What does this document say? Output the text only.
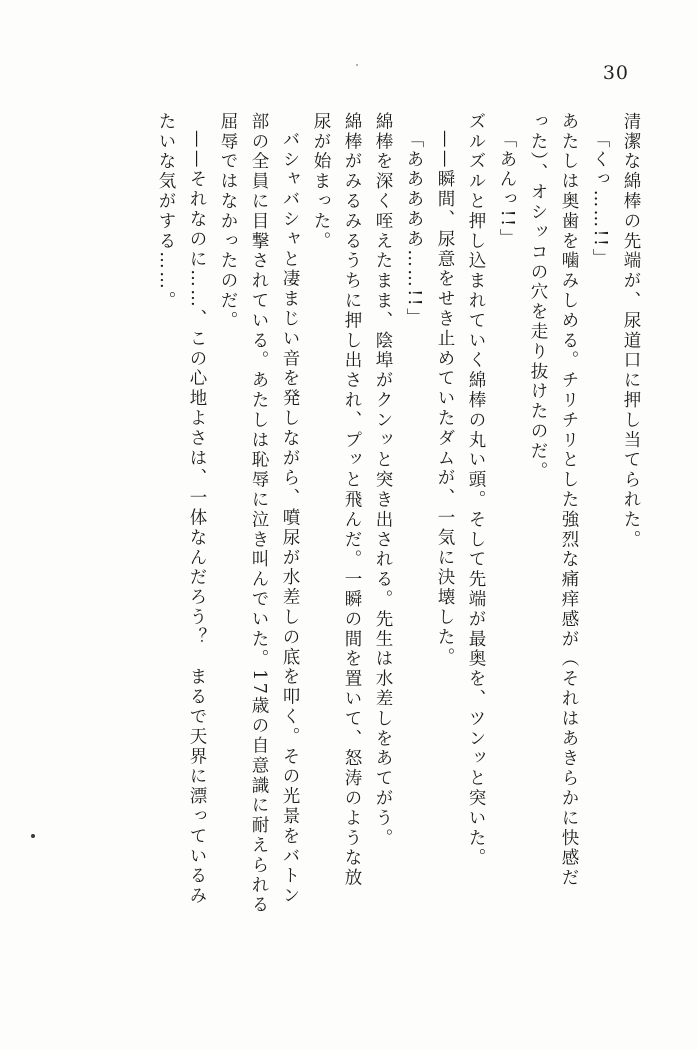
30
清潔な綿棒の先端が、尿道口に押し当てられた。
「くっ……!!」
あたしは奥歯を噛みしめる。チリチリとした強烈な痛痒感が（それはあきらかに快感だ
った）、オシッコの穴を走り抜けたのだ。
「あんっ!!」
ズルズルと押し込まれていく綿棒の丸い頭。そして先端が最奥を、ツンッと突いた。
——瞬間、尿意をせき止めていたダムが、一気に決壊した。
「あああああ……!!」
綿棒を深く咥えたまま、陰埠がクンッと突き出される。先生は水差しをあてがう。
綿棒がみるみるうちに押し出され、プッと飛んだ。一瞬の間を置いて、怒涛のような放
尿が始まった。
バシャバシャと凄まじい音を発しながら、噴尿が水差しの底を叩く。その光景をバトン
部の全員に目撃されている。あたしは恥辱に泣き叫んでいた。17歳の自意識に耐えられる
屈辱ではなかったのだ。
——それなのに……、この心地よさは、一体なんだろう？　まるで天界に漂っているみ
たいな気がする……。
